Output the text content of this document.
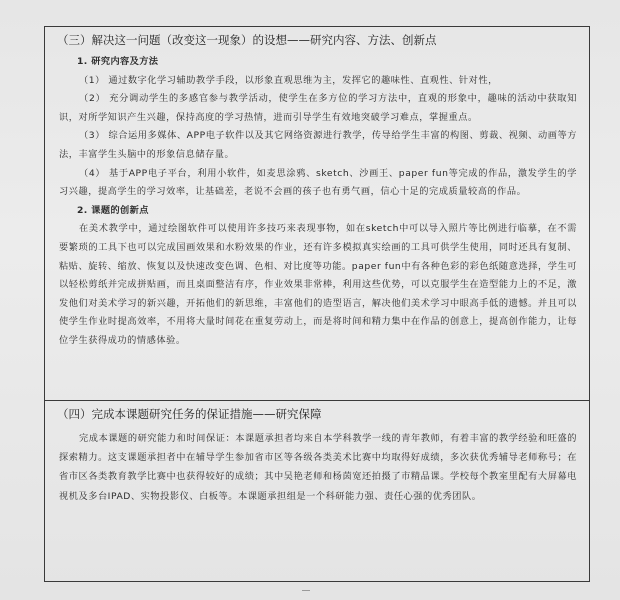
（三）解决这一问题（改变这一现象）的设想——研究内容、方法、创新点

1. 研究内容及方法

（1） 通过数字化学习辅助教学手段，以形象直观思维为主，发挥它的趣味性、直观性、针对性，

（2） 充分调动学生的多感官参与教学活动，使学生在多方位的学习方法中，直观的形象中，趣味的活动中获取知识，对所学知识产生兴趣，保持高度的学习热情，进而引导学生有效地突破学习难点，掌握重点。

（3） 综合运用多媒体、APP电子软件以及其它网络资源进行教学，传导给学生丰富的构图、剪裁、视频、动画等方法，丰富学生头脑中的形象信息储存量。

（4） 基于APP电子平台，利用小软件，如麦思涂鸦、sketch、沙画王、paper fun等完成的作品，激发学生的学习兴趣，提高学生的学习效率，让基础差，老说不会画的孩子也有勇气画，信心十足的完成质量较高的作品。

2. 课题的创新点

在美术教学中，通过绘图软件可以使用许多技巧来表现事物，如在sketch中可以导入照片等比例进行临摹，在不需要繁琐的工具下也可以完成国画效果和水粉效果的作业，还有许多模拟真实绘画的工具可供学生使用，同时还具有复制、粘贴、旋转、缩放、恢复以及快速改变色调、色相、对比度等功能。paper fun中有各种色彩的彩色纸随意选择，学生可以轻松剪纸并完成拼贴画，而且桌面整洁有序，作业效果非常棒，利用这些优势，可以克服学生在造型能力上的不足，激发他们对美术学习的新兴趣，开拓他们的新思维，丰富他们的造型语言，解决他们美术学习中眼高手低的遗憾。并且可以使学生作业时提高效率，不用将大量时间花在重复劳动上，而是将时间和精力集中在作品的创意上，提高创作能力，让每位学生获得成功的情感体验。

（四）完成本课题研究任务的保证措施——研究保障

完成本课题的研究能力和时间保证：本课题承担者均来自本学科教学一线的青年教师，有着丰富的教学经验和旺盛的探索精力。这支课题承担者中在辅导学生参加省市区等各级各类美术比赛中均取得好成绩，多次获优秀辅导老师称号；在省市区各类教育教学比赛中也获得较好的成绩；其中吴艳老师和杨茵宽还拍摄了市精品课。学校每个教室里配有大屏幕电视机及多台IPAD、实物投影仪、白板等。本课题承担组是一个科研能力强、责任心强的优秀团队。
